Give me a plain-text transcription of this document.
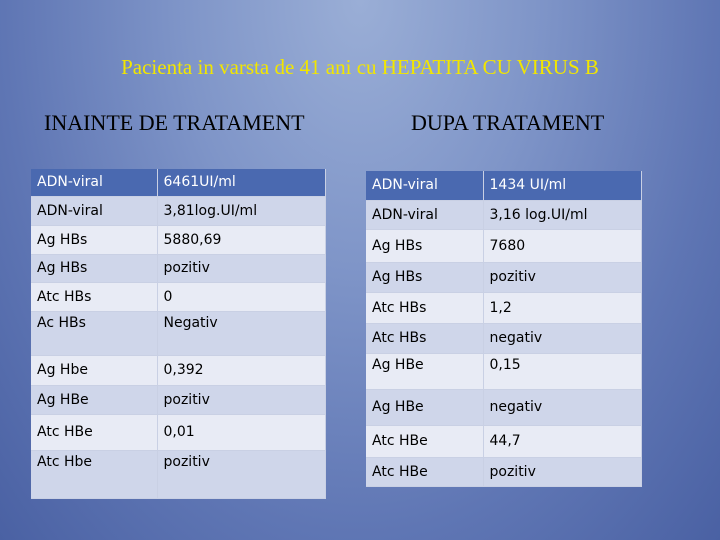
Pacienta in varsta de 41 ani cu HEPATITA CU VIRUS B
INAINTE DE TRATAMENT	DUPA TRATAMENT
ADN-viral	6461UI/ml
ADN-viral	3,81log.UI/ml
Ag HBs	5880,69
Ag HBs	pozitiv
Atc HBs	0
Ac HBs	Negativ
Ag Hbe	0,392
Ag HBe	pozitiv
Atc HBe	0,01
Atc Hbe	pozitiv
ADN-viral	1434 UI/ml
ADN-viral	3,16 log.UI/ml
Ag HBs	7680
Ag HBs	pozitiv
Atc HBs	1,2
Atc HBs	negativ
Ag HBe	0,15
Ag HBe	negativ
Atc HBe	44,7
Atc HBe	pozitiv
